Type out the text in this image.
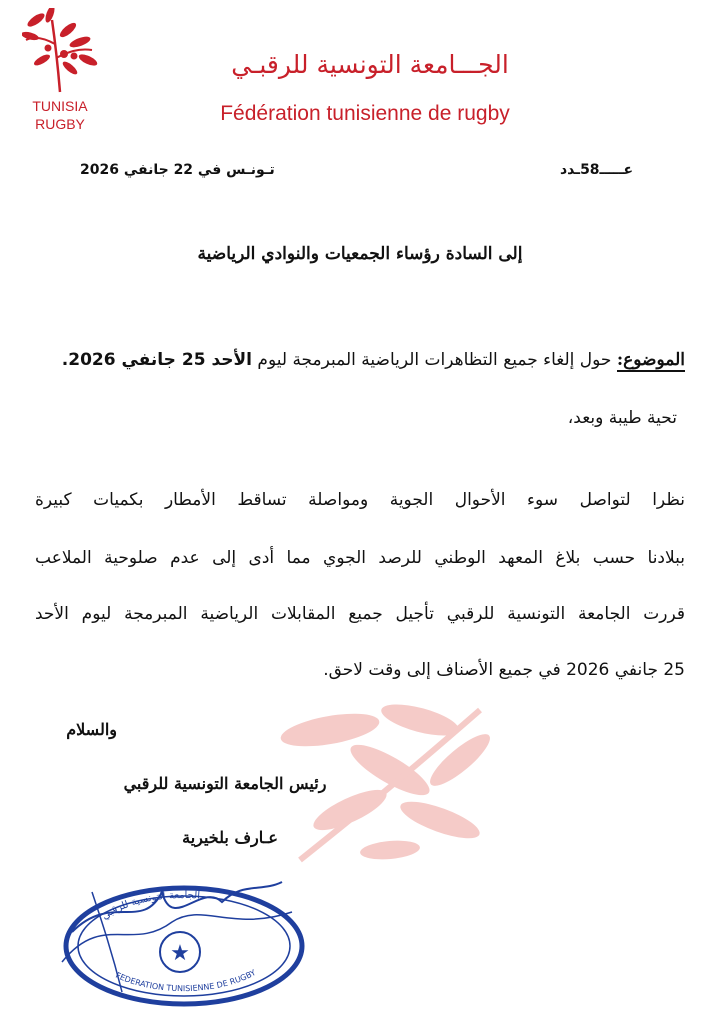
TUNISIA
RUGBY
الجـــامعة التونسية للرقبـي
Fédération tunisienne de rugby
عـــــ58ـدد
تـونـس في 22 جانفي 2026
إلى السادة رؤساء الجمعيات والنوادي الرياضية
الموضوع: حول إلغاء جميع التظاهرات الرياضية المبرمجة ليوم الأحد 25 جانفي 2026.
تحية طيبة وبعد،
نظرا لتواصل سوء الأحوال الجوية ومواصلة تساقط الأمطار بكميات كبيرة
ببلادنا حسب بلاغ المعهد الوطني للرصد الجوي مما أدى إلى عدم صلوحية الملاعب
قررت الجامعة التونسية للرقبي تأجيل جميع المقابلات الرياضية المبرمجة ليوم الأحد
25 جانفي 2026 في جميع الأصناف إلى وقت لاحق.
والسلام
رئيس الجامعة التونسية للرقبي
عـارف بلخيرية
★
الجامعة التونسية للرقبي
FEDERATION TUNISIENNE DE RUGBY
